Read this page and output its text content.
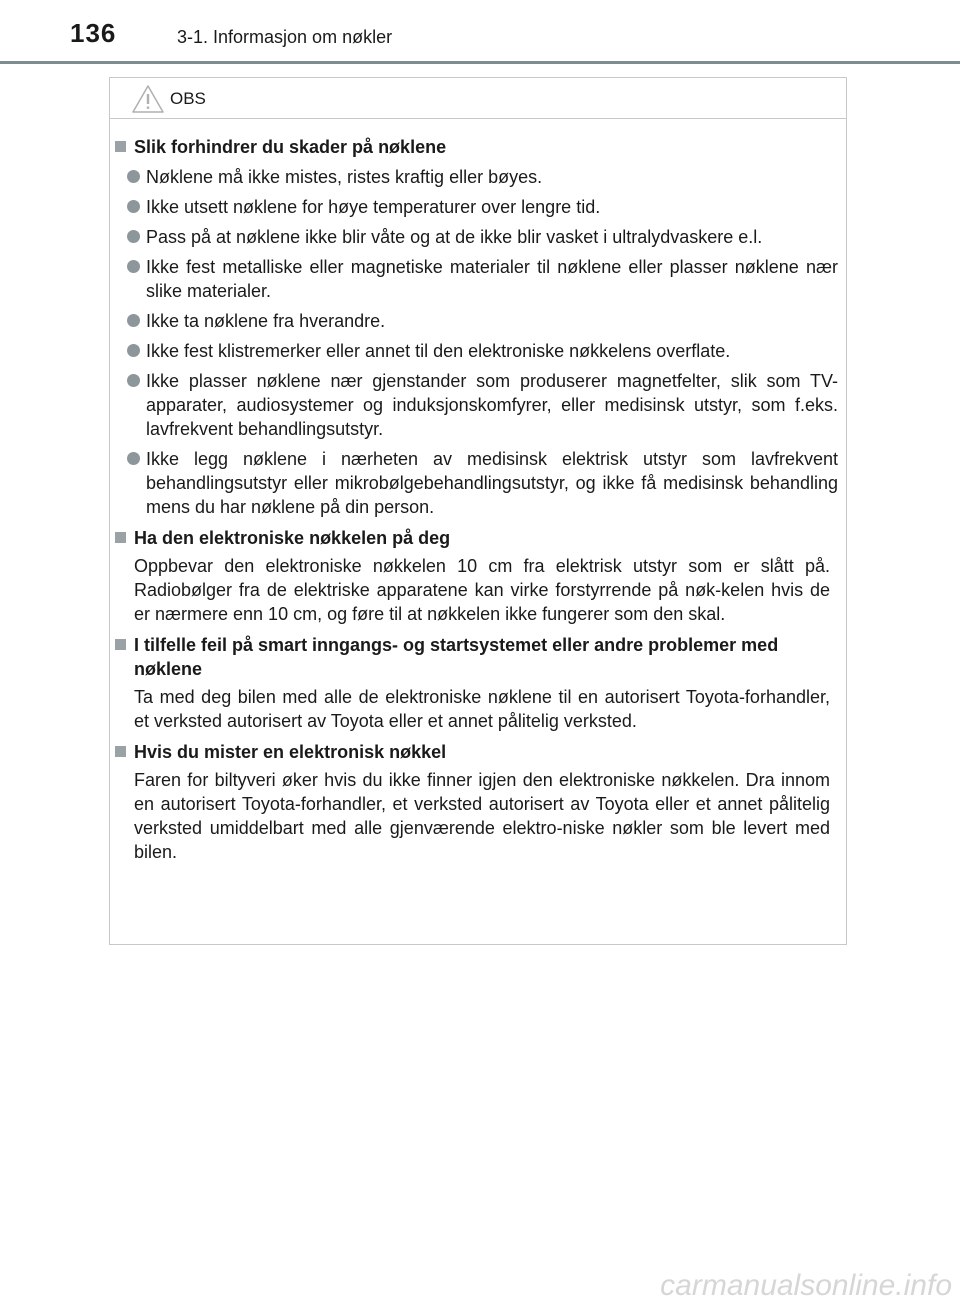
136	3-1. Informasjon om nøkler
OBS
Slik forhindrer du skader på nøklene
Nøklene må ikke mistes, ristes kraftig eller bøyes.
Ikke utsett nøklene for høye temperaturer over lengre tid.
Pass på at nøklene ikke blir våte og at de ikke blir vasket i ultralydvaskere e.l.
Ikke fest metalliske eller magnetiske materialer til nøklene eller plasser nøklene nær slike materialer.
Ikke ta nøklene fra hverandre.
Ikke fest klistremerker eller annet til den elektroniske nøkkelens overflate.
Ikke plasser nøklene nær gjenstander som produserer magnetfelter, slik som TV-apparater, audiosystemer og induksjonskomfyrer, eller medisinsk utstyr, som f.eks. lavfrekvent behandlingsutstyr.
Ikke legg nøklene i nærheten av medisinsk elektrisk utstyr som lavfrekvent behandlingsutstyr eller mikrobølgebehandlingsutstyr, og ikke få medisinsk behandling mens du har nøklene på din person.
Ha den elektroniske nøkkelen på deg
Oppbevar den elektroniske nøkkelen 10 cm fra elektrisk utstyr som er slått på. Radiobølger fra de elektriske apparatene kan virke forstyrrende på nøk-kelen hvis de er nærmere enn 10 cm, og føre til at nøkkelen ikke fungerer som den skal.
I tilfelle feil på smart inngangs- og startsystemet eller andre problemer med nøklene
Ta med deg bilen med alle de elektroniske nøklene til en autorisert Toyota-forhandler, et verksted autorisert av Toyota eller et annet pålitelig verksted.
Hvis du mister en elektronisk nøkkel
Faren for biltyveri øker hvis du ikke finner igjen den elektroniske nøkkelen. Dra innom en autorisert Toyota-forhandler, et verksted autorisert av Toyota eller et annet pålitelig verksted umiddelbart med alle gjenværende elektro-niske nøkler som ble levert med bilen.
carmanualsonline.info
